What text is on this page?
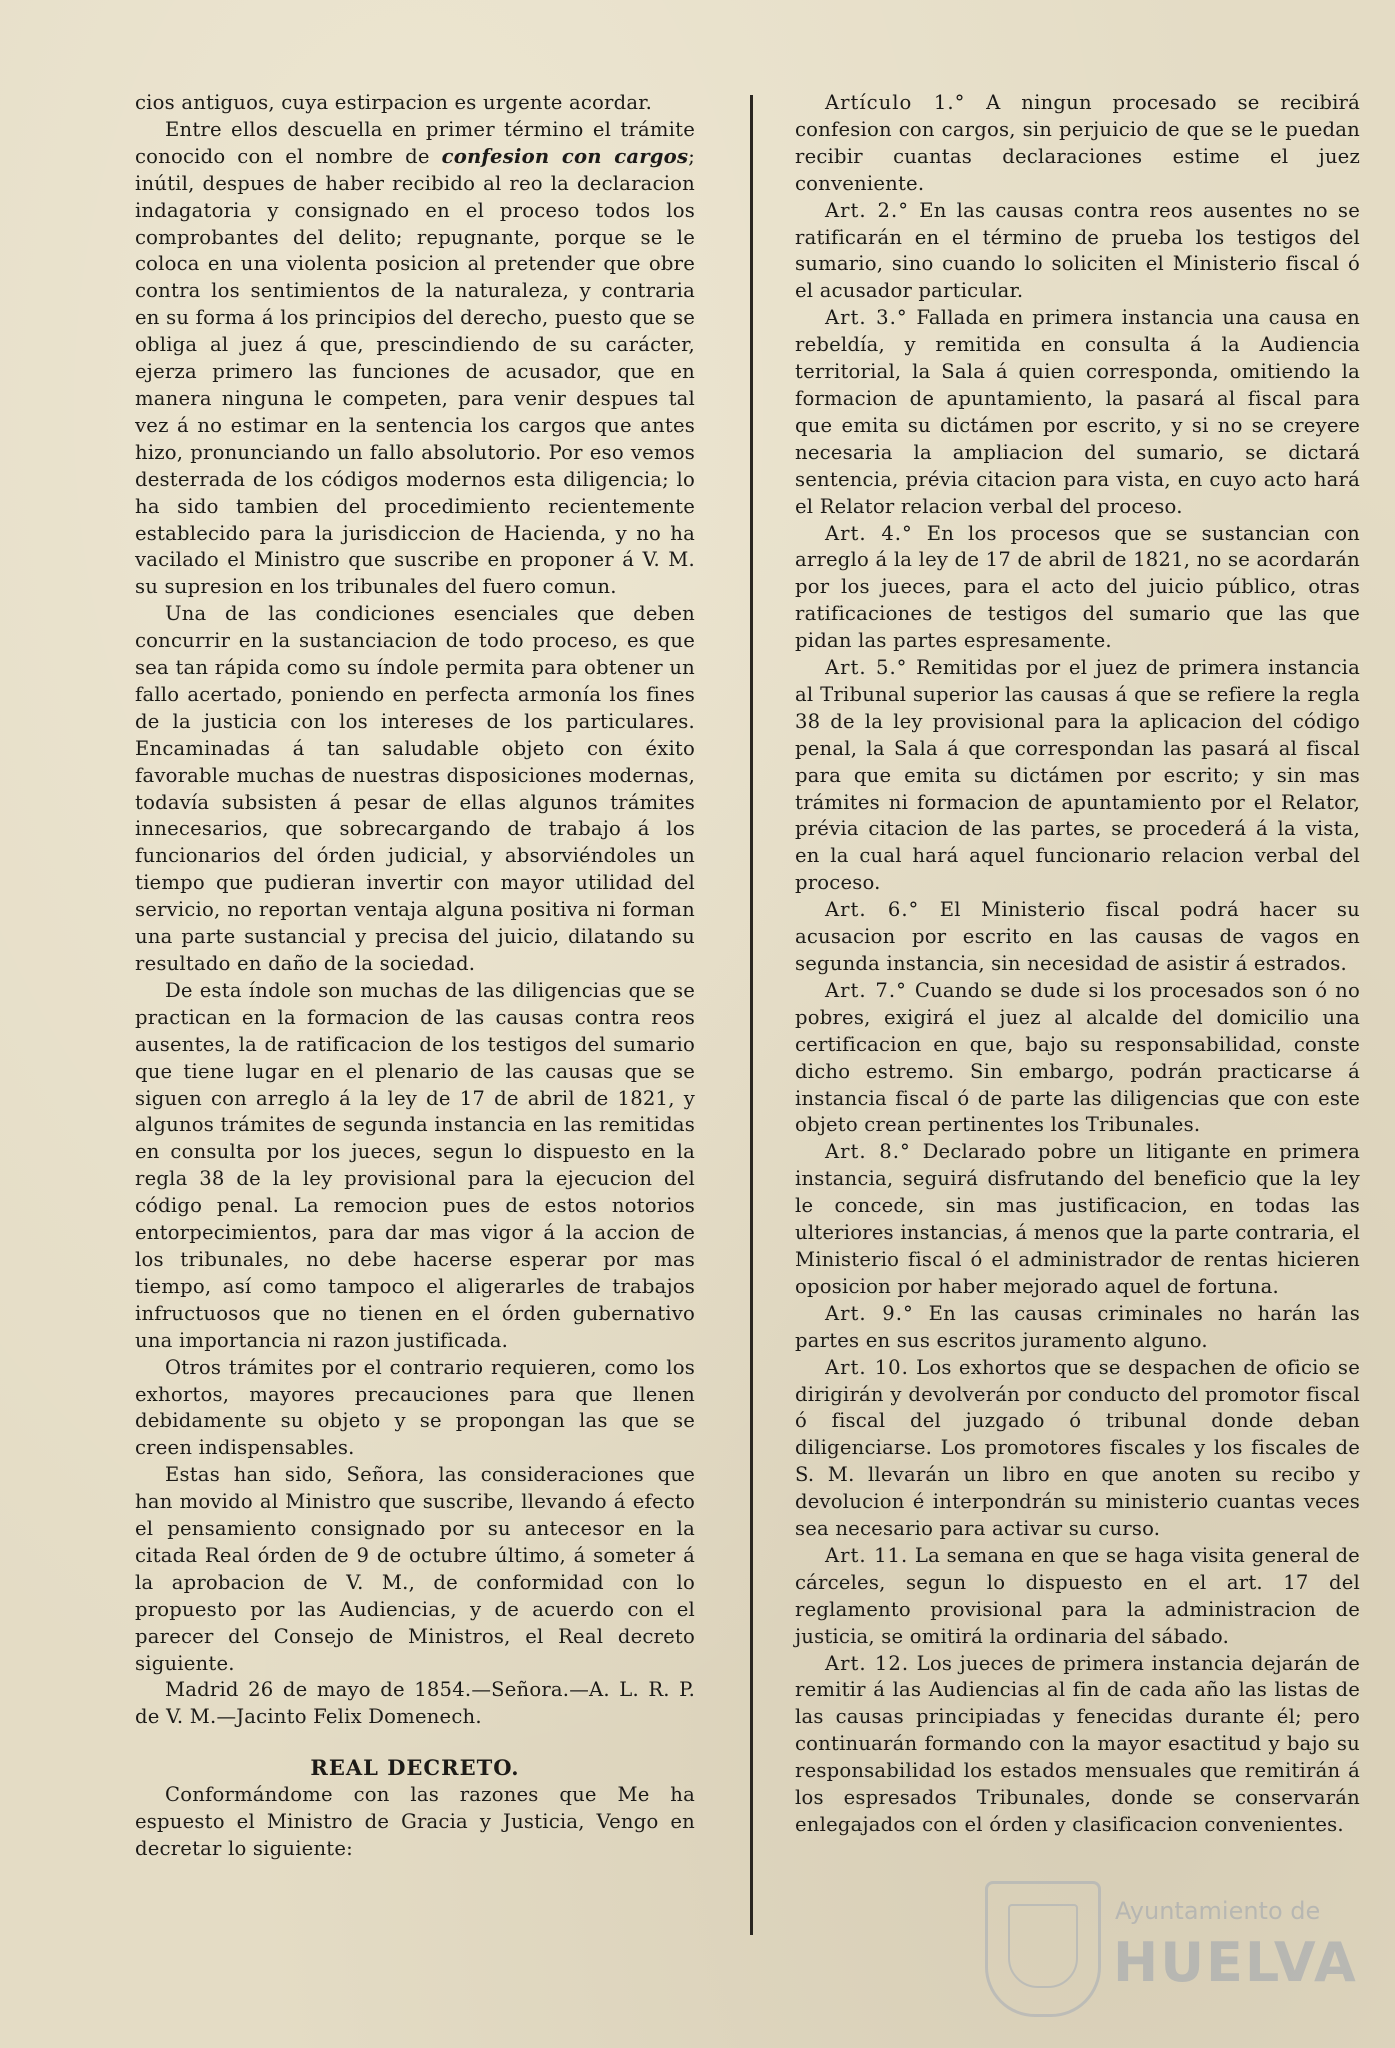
cios antiguos, cuya estirpacion es urgente acordar.

Entre ellos descuella en primer término el trámite conocido con el nombre de confesion con cargos; inútil, despues de haber recibido al reo la declaracion indagatoria y consignado en el proceso todos los comprobantes del delito; repugnante, porque se le coloca en una violenta posicion al pretender que obre contra los sentimientos de la naturaleza, y contraria en su forma á los principios del derecho, puesto que se obliga al juez á que, prescindiendo de su carácter, ejerza primero las funciones de acusador, que en manera ninguna le competen, para venir despues tal vez á no estimar en la sentencia los cargos que antes hizo, pronunciando un fallo absolutorio. Por eso vemos desterrada de los códigos modernos esta diligencia; lo ha sido tambien del procedimiento recientemente establecido para la jurisdiccion de Hacienda, y no ha vacilado el Ministro que suscribe en proponer á V. M. su supresion en los tribunales del fuero comun.

Una de las condiciones esenciales que deben concurrir en la sustanciacion de todo proceso, es que sea tan rápida como su índole permita para obtener un fallo acertado, poniendo en perfecta armonía los fines de la justicia con los intereses de los particulares. Encaminadas á tan saludable objeto con éxito favorable muchas de nuestras disposiciones modernas, todavía subsisten á pesar de ellas algunos trámites innecesarios, que sobrecargando de trabajo á los funcionarios del órden judicial, y absorviéndoles un tiempo que pudieran invertir con mayor utilidad del servicio, no reportan ventaja alguna positiva ni forman una parte sustancial y precisa del juicio, dilatando su resultado en daño de la sociedad.

De esta índole son muchas de las diligencias que se practican en la formacion de las causas contra reos ausentes, la de ratificacion de los testigos del sumario que tiene lugar en el plenario de las causas que se siguen con arreglo á la ley de 17 de abril de 1821, y algunos trámites de segunda instancia en las remitidas en consulta por los jueces, segun lo dispuesto en la regla 38 de la ley provisional para la ejecucion del código penal. La remocion pues de estos notorios entorpecimientos, para dar mas vigor á la accion de los tribunales, no debe hacerse esperar por mas tiempo, así como tampoco el aligerarles de trabajos infructuosos que no tienen en el órden gubernativo una importancia ni razon justificada.

Otros trámites por el contrario requieren, como los exhortos, mayores precauciones para que llenen debidamente su objeto y se propongan las que se creen indispensables.

Estas han sido, Señora, las consideraciones que han movido al Ministro que suscribe, llevando á efecto el pensamiento consignado por su antecesor en la citada Real órden de 9 de octubre último, á someter á la aprobacion de V. M., de conformidad con lo propuesto por las Audiencias, y de acuerdo con el parecer del Consejo de Ministros, el Real decreto siguiente.

Madrid 26 de mayo de 1854.—Señora.—A. L. R. P. de V. M.—Jacinto Felix Domenech.

REAL DECRETO.

Conformándome con las razones que Me ha espuesto el Ministro de Gracia y Justicia, Vengo en decretar lo siguiente:

Artículo 1.° A ningun procesado se recibirá confesion con cargos, sin perjuicio de que se le puedan recibir cuantas declaraciones estime el juez conveniente.

Art. 2.° En las causas contra reos ausentes no se ratificarán en el término de prueba los testigos del sumario, sino cuando lo soliciten el Ministerio fiscal ó el acusador particular.

Art. 3.° Fallada en primera instancia una causa en rebeldía, y remitida en consulta á la Audiencia territorial, la Sala á quien corresponda, omitiendo la formacion de apuntamiento, la pasará al fiscal para que emita su dictámen por escrito, y si no se creyere necesaria la ampliacion del sumario, se dictará sentencia, prévia citacion para vista, en cuyo acto hará el Relator relacion verbal del proceso.

Art. 4.° En los procesos que se sustancian con arreglo á la ley de 17 de abril de 1821, no se acordarán por los jueces, para el acto del juicio público, otras ratificaciones de testigos del sumario que las que pidan las partes espresamente.

Art. 5.° Remitidas por el juez de primera instancia al Tribunal superior las causas á que se refiere la regla 38 de la ley provisional para la aplicacion del código penal, la Sala á que correspondan las pasará al fiscal para que emita su dictámen por escrito; y sin mas trámites ni formacion de apuntamiento por el Relator, prévia citacion de las partes, se procederá á la vista, en la cual hará aquel funcionario relacion verbal del proceso.

Art. 6.° El Ministerio fiscal podrá hacer su acusacion por escrito en las causas de vagos en segunda instancia, sin necesidad de asistir á estrados.

Art. 7.° Cuando se dude si los procesados son ó no pobres, exigirá el juez al alcalde del domicilio una certificacion en que, bajo su responsabilidad, conste dicho estremo. Sin embargo, podrán practicarse á instancia fiscal ó de parte las diligencias que con este objeto crean pertinentes los Tribunales.

Art. 8.° Declarado pobre un litigante en primera instancia, seguirá disfrutando del beneficio que la ley le concede, sin mas justificacion, en todas las ulteriores instancias, á menos que la parte contraria, el Ministerio fiscal ó el administrador de rentas hicieren oposicion por haber mejorado aquel de fortuna.

Art. 9.° En las causas criminales no harán las partes en sus escritos juramento alguno.

Art. 10. Los exhortos que se despachen de oficio se dirigirán y devolverán por conducto del promotor fiscal ó fiscal del juzgado ó tribunal donde deban diligenciarse. Los promotores fiscales y los fiscales de S. M. llevarán un libro en que anoten su recibo y devolucion é interpondrán su ministerio cuantas veces sea necesario para activar su curso.

Art. 11. La semana en que se haga visita general de cárceles, segun lo dispuesto en el art. 17 del reglamento provisional para la administracion de justicia, se omitirá la ordinaria del sábado.

Art. 12. Los jueces de primera instancia dejarán de remitir á las Audiencias al fin de cada año las listas de las causas principiadas y fenecidas durante él; pero continuarán formando con la mayor esactitud y bajo su responsabilidad los estados mensuales que remitirán á los espresados Tribunales, donde se conservarán enlegajados con el órden y clasificacion convenientes.

Ayuntamiento de
HUELVA
